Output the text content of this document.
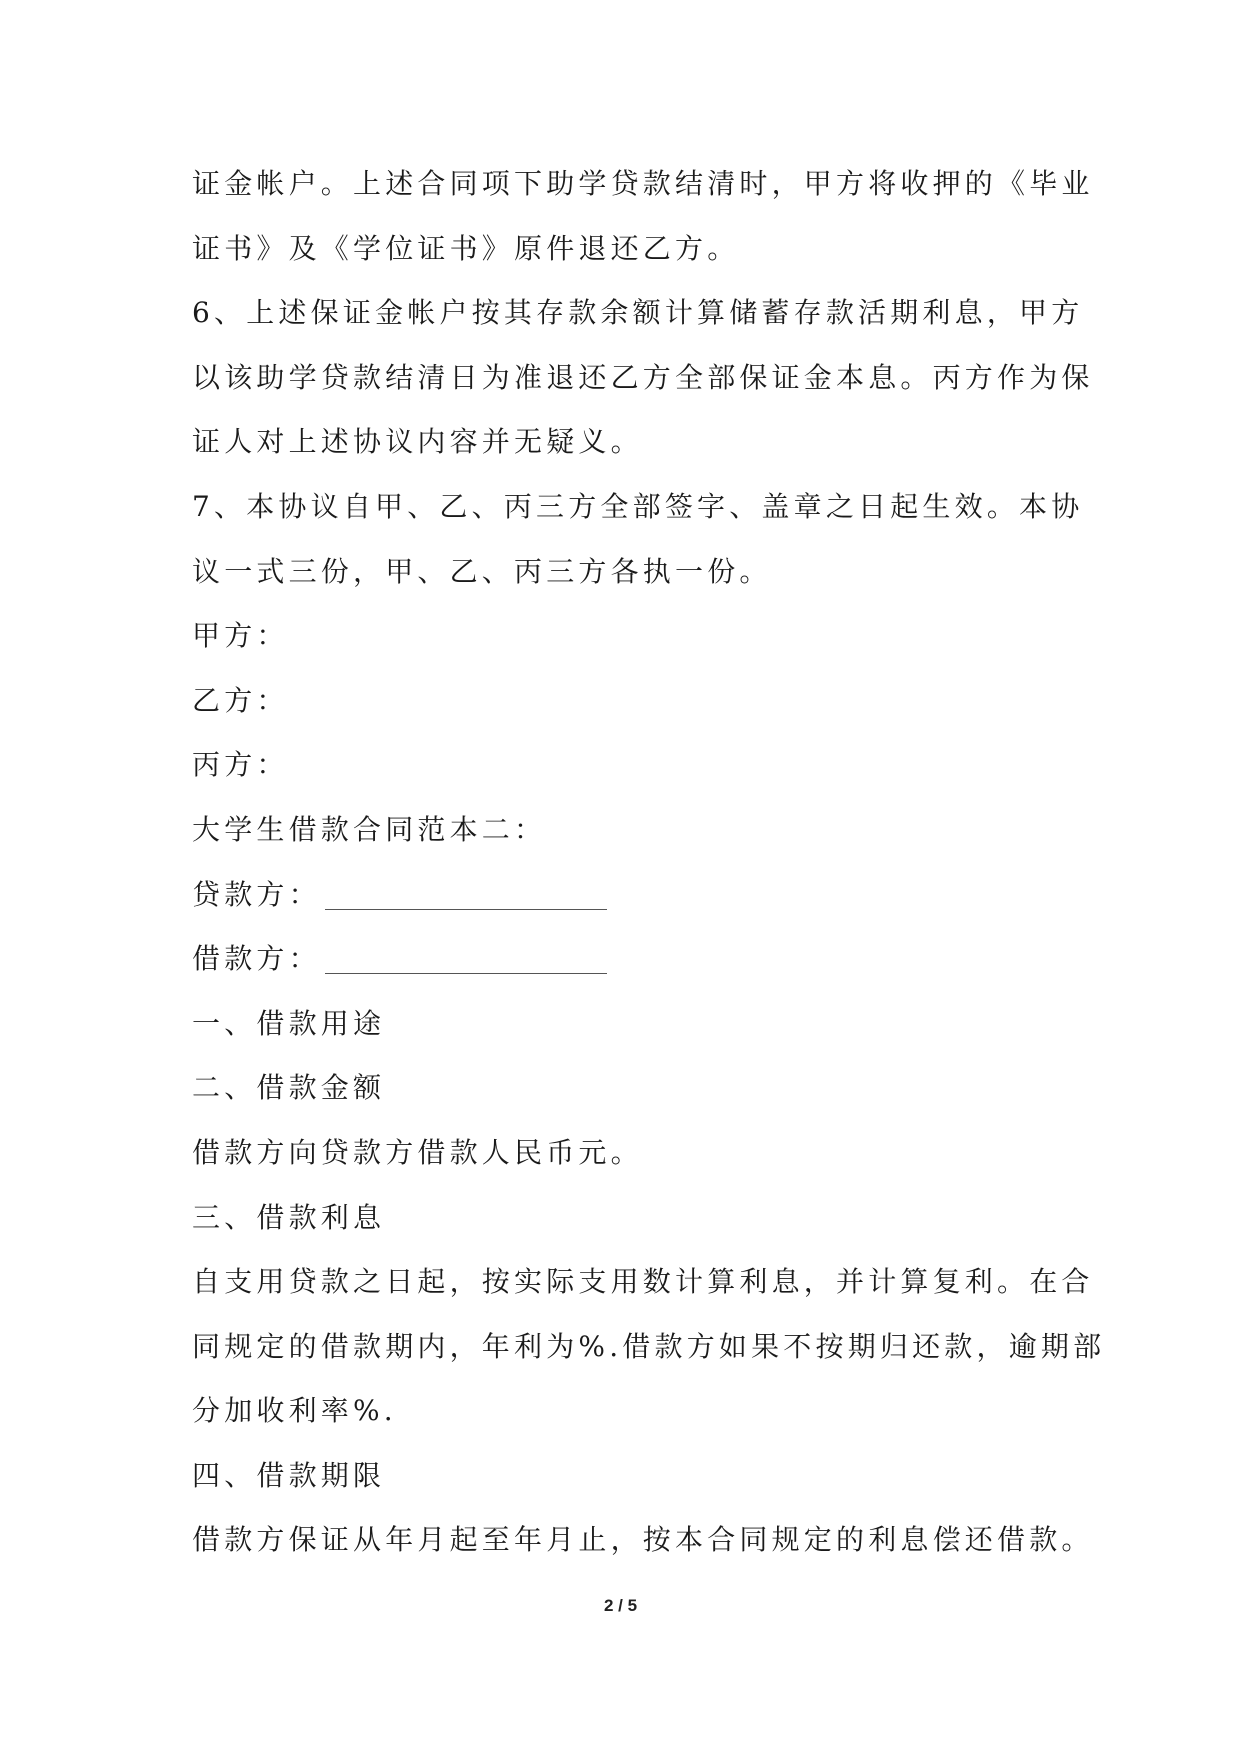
证金帐户。上述合同项下助学贷款结清时，甲方将收押的《毕业
证书》及《学位证书》原件退还乙方。
6、上述保证金帐户按其存款余额计算储蓄存款活期利息，甲方
以该助学贷款结清日为准退还乙方全部保证金本息。丙方作为保
证人对上述协议内容并无疑义。
7、本协议自甲、乙、丙三方全部签字、盖章之日起生效。本协
议一式三份，甲、乙、丙三方各执一份。
甲方：
乙方：
丙方：
大学生借款合同范本二：
贷款方：
借款方：
一、借款用途
二、借款金额
借款方向贷款方借款人民币元。
三、借款利息
自支用贷款之日起，按实际支用数计算利息，并计算复利。在合
同规定的借款期内，年利为%.借款方如果不按期归还款，逾期部
分加收利率%.
四、借款期限
借款方保证从年月起至年月止，按本合同规定的利息偿还借款。
2 / 5
